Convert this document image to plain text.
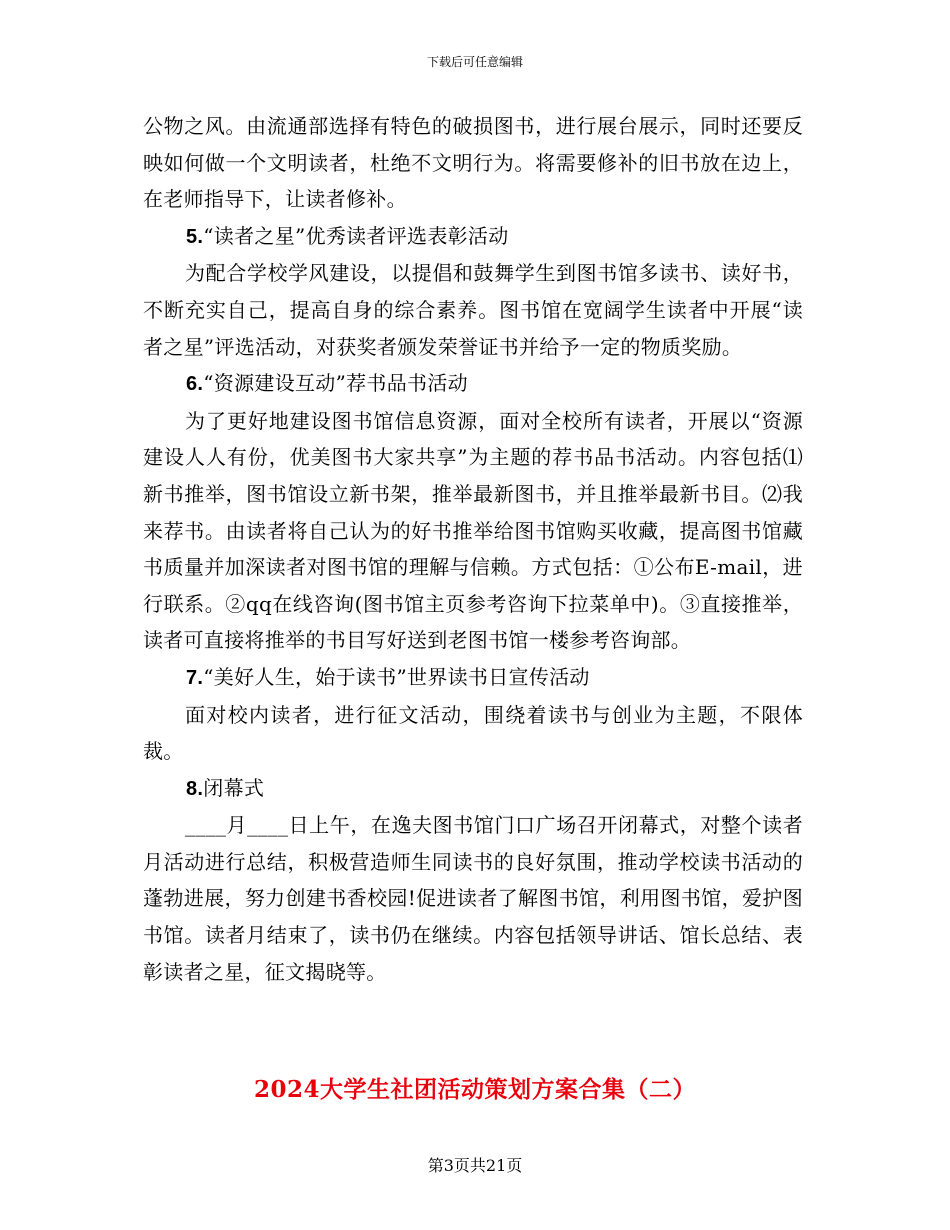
下载后可任意编辑

公物之风。由流通部选择有特色的破损图书，进行展台展示，同时还要反映如何做一个文明读者，杜绝不文明行为。将需要修补的旧书放在边上，在老师指导下，让读者修补。

5.“读者之星”优秀读者评选表彰活动

为配合学校学风建设，以提倡和鼓舞学生到图书馆多读书、读好书，不断充实自己，提高自身的综合素养。图书馆在宽阔学生读者中开展“读者之星”评选活动，对获奖者颁发荣誉证书并给予一定的物质奖励。

6.“资源建设互动”荐书品书活动

为了更好地建设图书馆信息资源，面对全校所有读者，开展以“资源建设人人有份，优美图书大家共享”为主题的荐书品书活动。内容包括⑴新书推举，图书馆设立新书架，推举最新图书，并且推举最新书目。⑵我来荐书。由读者将自己认为的好书推举给图书馆购买收藏，提高图书馆藏书质量并加深读者对图书馆的理解与信赖。方式包括：①公布E-mail，进行联系。②qq在线咨询(图书馆主页参考咨询下拉菜单中)。③直接推举，读者可直接将推举的书目写好送到老图书馆一楼参考咨询部。

7.“美好人生，始于读书”世界读书日宣传活动

面对校内读者，进行征文活动，围绕着读书与创业为主题，不限体裁。

8.闭幕式

____月____日上午，在逸夫图书馆门口广场召开闭幕式，对整个读者月活动进行总结，积极营造师生同读书的良好氛围，推动学校读书活动的蓬勃进展，努力创建书香校园!促进读者了解图书馆，利用图书馆，爱护图书馆。读者月结束了，读书仍在继续。内容包括领导讲话、馆长总结、表彰读者之星，征文揭晓等。

2024大学生社团活动策划方案合集（二）
第3页共21页
